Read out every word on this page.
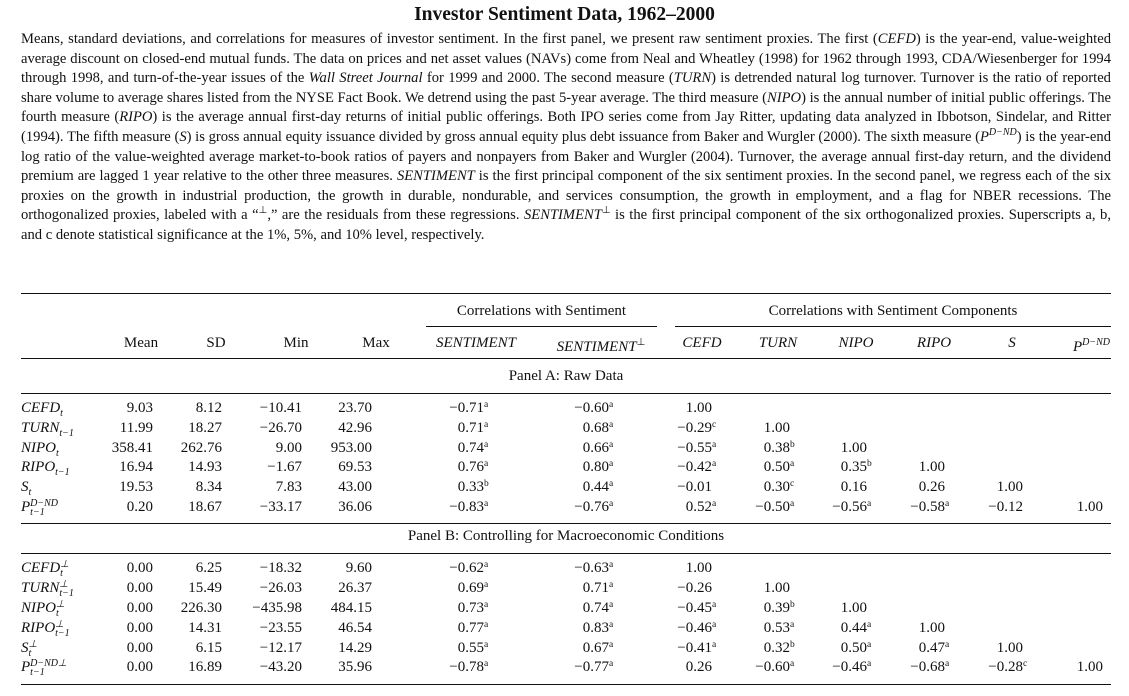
Investor Sentiment Data, 1962–2000
Means, standard deviations, and correlations for measures of investor sentiment. In the first panel, we present raw sentiment proxies. The first (CEFD) is the year-end, value-weighted average discount on closed-end mutual funds. The data on prices and net asset values (NAVs) come from Neal and Wheatley (1998) for 1962 through 1993, CDA/Wiesenberger for 1994 through 1998, and turn-of-the-year issues of the Wall Street Journal for 1999 and 2000. The second measure (TURN) is detrended natural log turnover. Turnover is the ratio of reported share volume to average shares listed from the NYSE Fact Book. We detrend using the past 5-year average. The third measure (NIPO) is the annual number of initial public offerings. The fourth measure (RIPO) is the average annual first-day returns of initial public offerings. Both IPO series come from Jay Ritter, updating data analyzed in Ibbotson, Sindelar, and Ritter (1994). The fifth measure (S) is gross annual equity issuance divided by gross annual equity plus debt issuance from Baker and Wurgler (2000). The sixth measure $(P^{D-ND})$ is the year-end log ratio of the value-weighted average market-to-book ratios of payers and nonpayers from Baker and Wurgler (2004). Turnover, the average annual first-day return, and the dividend premium are lagged 1 year relative to the other three measures. SENTIMENT is the first principal component of the six sentiment proxies. In the second panel, we regress each of the six proxies on the growth in industrial production, the growth in durable, nondurable, and services consumption, the growth in employment, and a flag for NBER recessions. The orthogonalized proxies, labeled with a “⊥,” are the residuals from these regressions. SENTIMENT⊥ is the first principal component of the six orthogonalized proxies. Superscripts a, b, and c denote statistical significance at the 1%, 5%, and 10% level, respectively.
Correlations with Sentiment	Correlations with Sentiment Components
Mean	SD	Min	Max	SENTIMENT	SENTIMENT⊥	CEFD	TURN	NIPO	RIPO	S	$P^{D-ND}$
Panel A: Raw Data
Panel B: Controlling for Macroeconomic Conditions
CEFD
t	9.03	8.12	−10.41	23.70	−0.71$^a$	−0.60$^a$	1.00
TURN
t−1	11.99	18.27	−26.70	42.96	0.71$^a$	0.68$^a$	−0.29$^c$	1.00
NIPO
t	358.41	262.76	9.00	953.00	0.74$^a$	0.66$^a$	−0.55$^a$	0.38$^b$	1.00
RIPO
t−1	16.94	14.93	−1.67	69.53	0.76$^a$	0.80$^a$	−0.42$^a$	0.50$^a$	0.35$^b$	1.00
S
t	19.53	8.34	7.83	43.00	0.33$^b$	0.44$^a$	−0.01	0.30$^c$	0.16	0.26	1.00
P D−ND
t−1	0.20	18.67	−33.17	36.06	−0.83$^a$	−0.76$^a$	0.52$^a$	−0.50$^a$	−0.56$^a$	−0.58$^a$	−0.12	1.00
CEFD ⊥
t	0.00	6.25	−18.32	9.60	−0.62$^a$	−0.63$^a$	1.00
TURN ⊥
t−1	0.00	15.49	−26.03	26.37	0.69$^a$	0.71$^a$	−0.26	1.00
NIPO ⊥
t	0.00	226.30	−435.98	484.15	0.73$^a$	0.74$^a$	−0.45$^a$	0.39$^b$	1.00
RIPO ⊥
t−1	0.00	14.31	−23.55	46.54	0.77$^a$	0.83$^a$	−0.46$^a$	0.53$^a$	0.44$^a$	1.00
S ⊥
t	0.00	6.15	−12.17	14.29	0.55$^a$	0.67$^a$	−0.41$^a$	0.32$^b$	0.50$^a$	0.47$^a$	1.00
P D−ND⊥
t−1	0.00	16.89	−43.20	35.96	−0.78$^a$	−0.77$^a$	0.26	−0.60$^a$	−0.46$^a$	−0.68$^a$	−0.28$^c$	1.00
